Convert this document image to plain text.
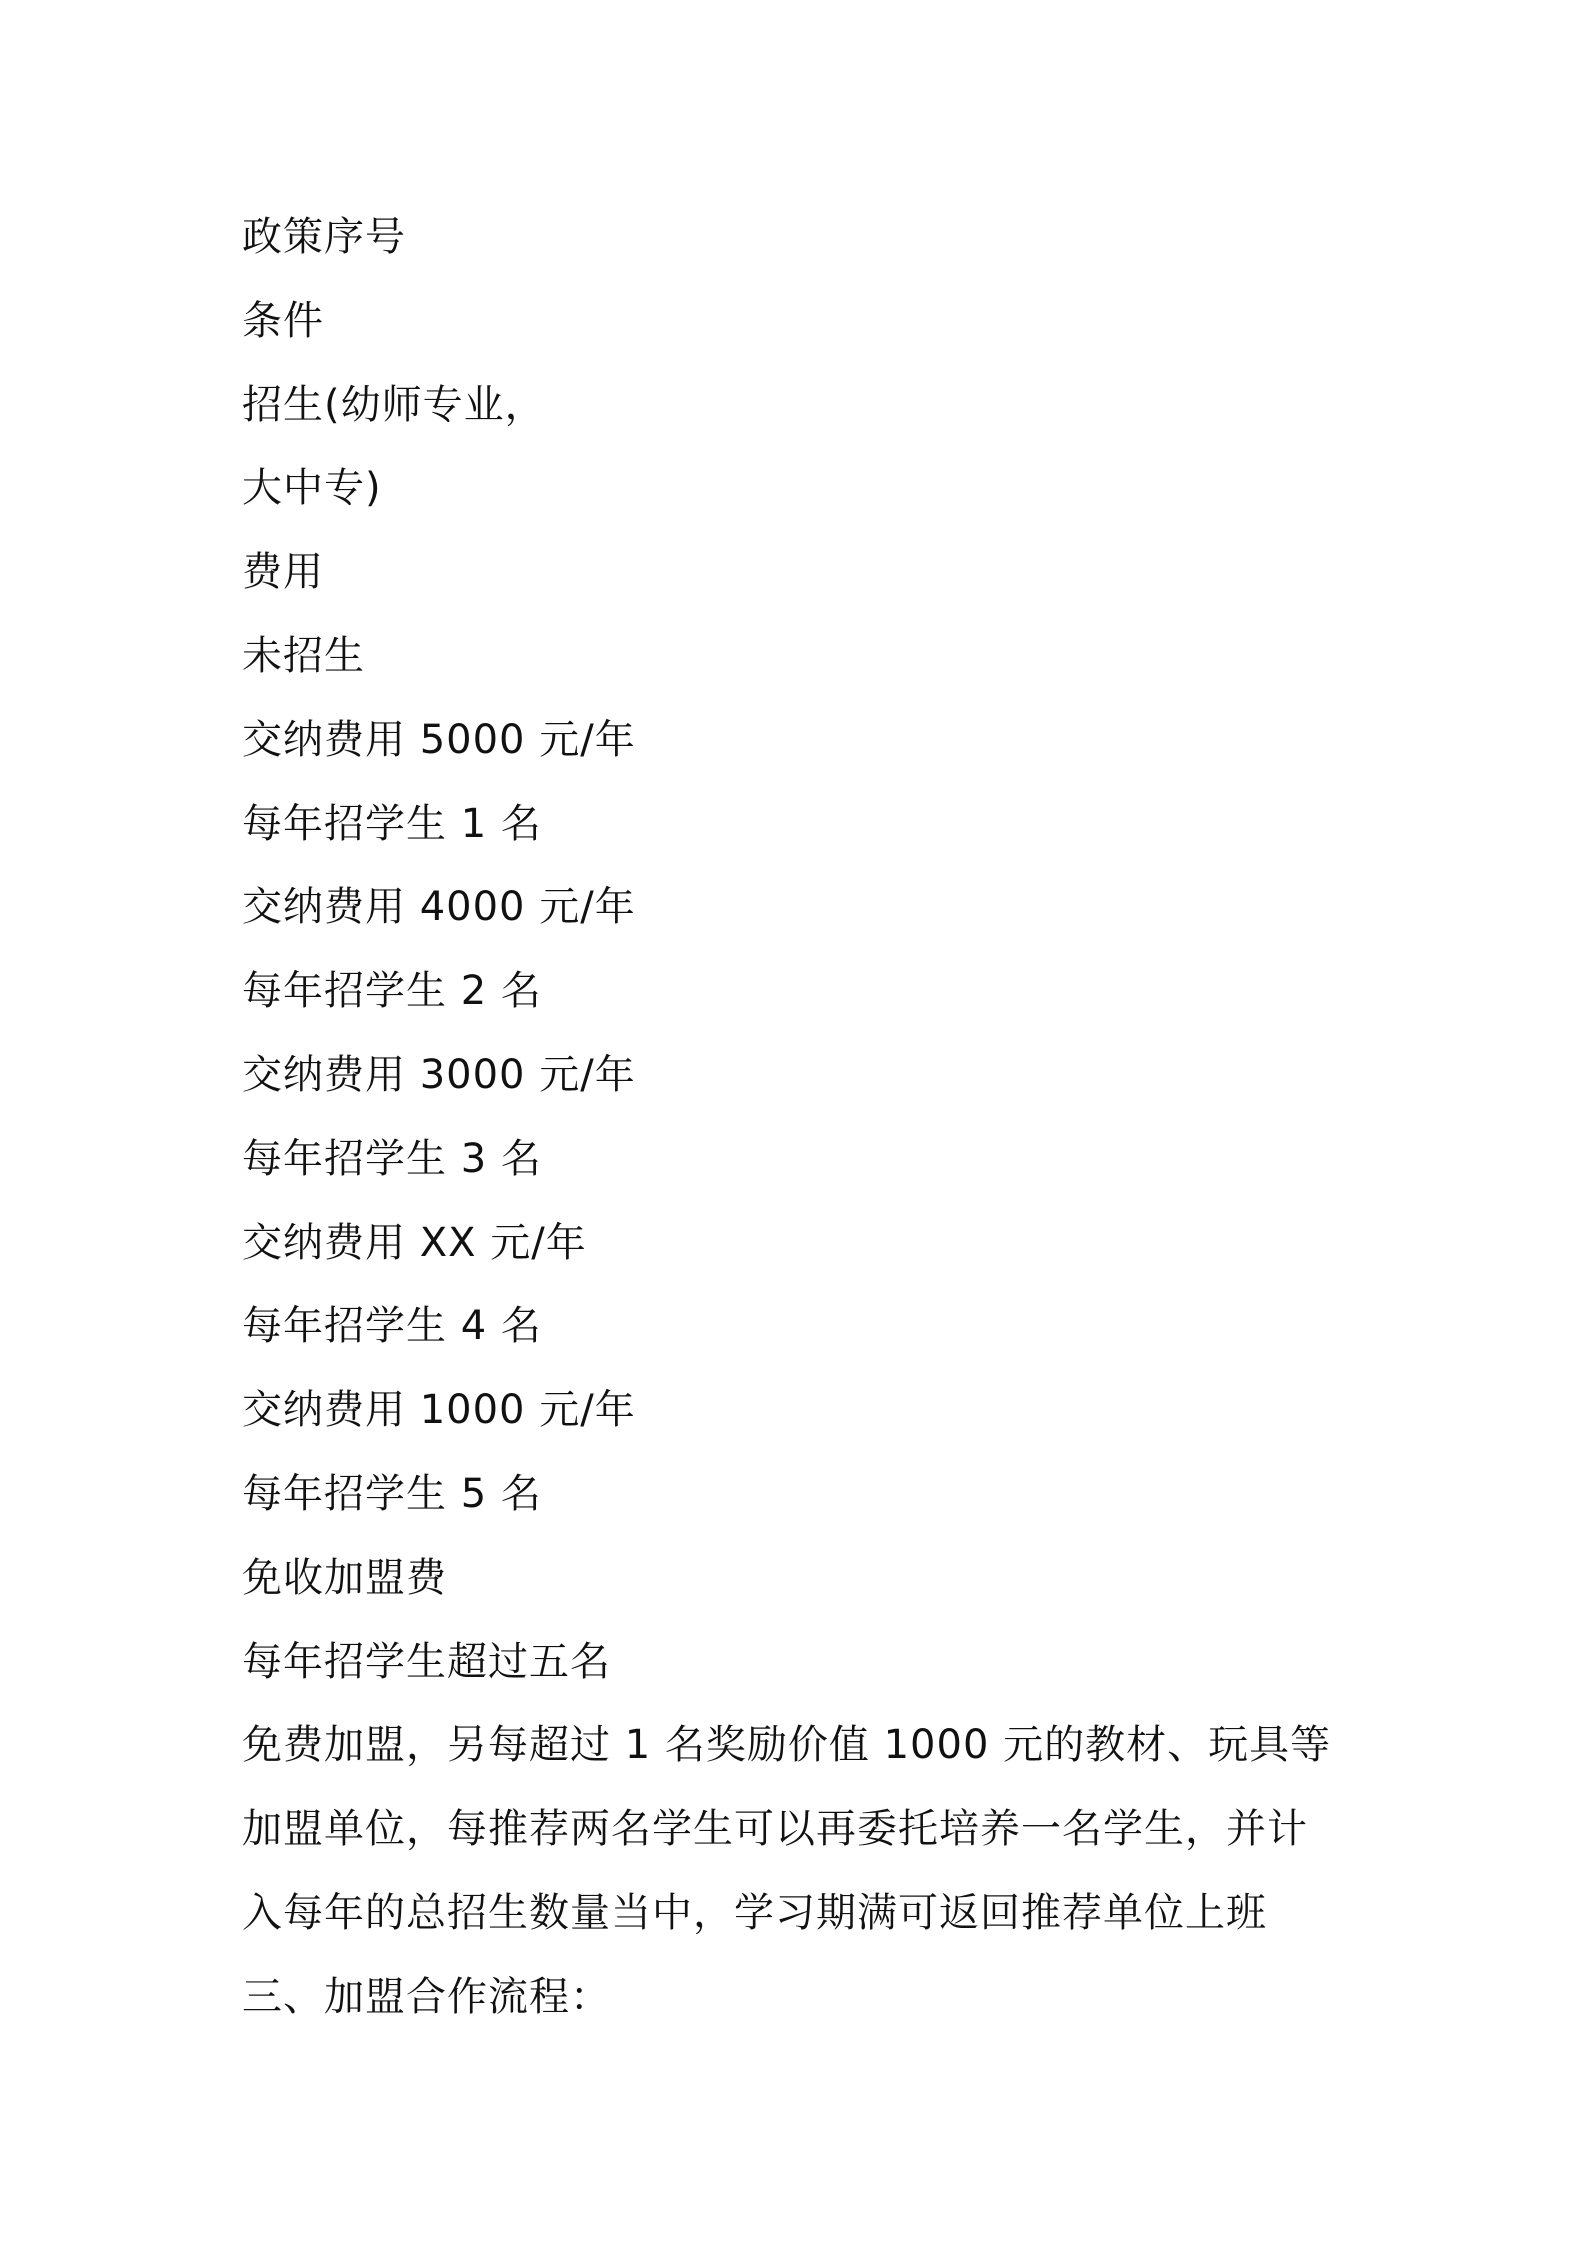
政策序号
条件
招生(幼师专业，
大中专)
费用
未招生
交纳费用 5000 元/年
每年招学生 1 名
交纳费用 4000 元/年
每年招学生 2 名
交纳费用 3000 元/年
每年招学生 3 名
交纳费用 XX 元/年
每年招学生 4 名
交纳费用 1000 元/年
每年招学生 5 名
免收加盟费
每年招学生超过五名
免费加盟，另每超过 1 名奖励价值 1000 元的教材、玩具等
加盟单位，每推荐两名学生可以再委托培养一名学生，并计
入每年的总招生数量当中，学习期满可返回推荐单位上班
三、加盟合作流程：
